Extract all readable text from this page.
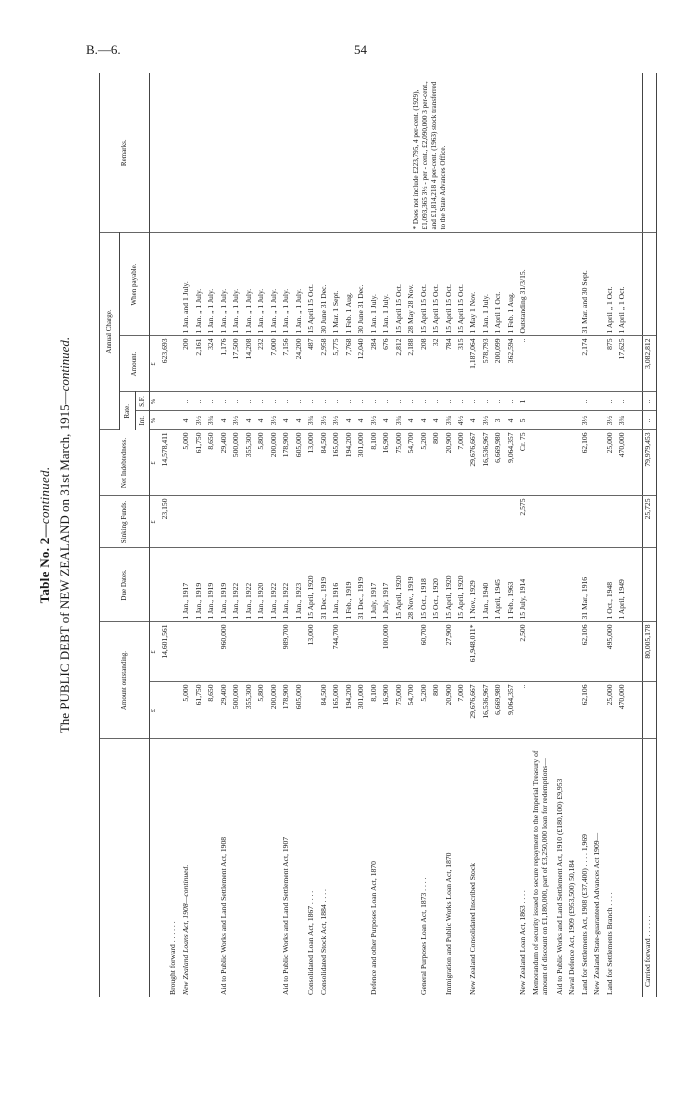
B.—6.	54
Table No. 2—continued. The PUBLIC DEBT of NEW ZEALAND on 31st March, 1915—continued.
	Amount outstanding.		Due Dates.	Sinking Funds.	Net Indebtedness.	Annual Charge.				Remarks.
						Rate.		Amount.	When payable.	
						Int.	S.F.			
	£	£		£	£	%	%	£		
Brought forward . . . . . .		14,601,561		23,150	14,578,411			623,693		* Does not include £223,795, 4 per-cent. (1929), £1,093,365 3½ - per - cent., £2,090,000 3 per-cent., and £1,814,218 4 per-cent. (1963) stock transferred to the State Advances Office.

New Zealand Loans Act, 1908—continued.	5,000		1 Jan., 1917		5,000	4	..	200	1 Jan. and 1 July.	
	61,750		1 Jan., 1919		61,750	3½	..	2,161	1 Jan. „ 1 July.	
	8,650		1 Jan., 1919		8,650	3¾	..	324	1 Jan. „ 1 July.	
Aid to Public Works and Land Settlement Act, 1908	29,400	960,000	1 Jan., 1919		29,400	4	..	1,176	1 Jan. „ 1 July.	
	500,000		1 Jan., 1922		500,000	3½	..	17,500	1 Jan. „ 1 July.	
	355,300		1 Jan., 1922		355,300	4	..	14,208	1 Jan. „ 1 July.	
	5,800		1 Jan., 1920		5,800	4	..	232	1 Jan. „ 1 July.	
	200,000		1 Jan., 1922		200,000	3½	..	7,000	1 Jan. „ 1 July.	
Aid to Public Works and Land Settlement Act, 1907	178,900	989,700	1 Jan., 1922		178,900	4	..	7,156	1 Jan. „ 1 July.	
	605,000		1 Jan., 1923		605,000	4	..	24,200	1 Jan. „ 1 July.	
Consolidated Loan Act, 1867 . . . .		13,000	15 April, 1920		13,000	3¾	..	487	15 April 15 Oct.	
Consolidated Stock Act, 1884 . . . .	84,500		31 Dec., 1919		84,500	3½	..	2,958	30 June 31 Dec.	
	165,000	744,700	1 Jan., 1916		165,000	3½	..	5,775	1 Mar. 1 Sept.	
	194,200		1 Feb., 1919		194,200	4	..	7,768	1 Feb. 1 Aug.	
	301,000		31 Dec., 1919		301,000	4	..	12,040	30 June 31 Dec.	
Defence and other Purposes Loan Act, 1870	8,100		1 July, 1917		8,100	3½	..	284	1 Jan. 1 July.	
	16,900	100,000	1 July, 1917		16,900	4	..	676	1 Jan. 1 July.	
	75,000		15 April, 1920		75,000	3¾	..	2,812	15 April 15 Oct.	
	54,700		28 Nov., 1919		54,700	4	..	2,188	28 May 28 Nov.	
General Purposes Loan Act, 1873 . . . .	5,200	60,700	15 Oct., 1918		5,200	4	..	208	15 April 15 Oct.	
	800		15 Oct., 1920		800	4	..	32	15 April 15 Oct.	
Immigration and Public Works Loan Act, 1870	20,900	27,900	15 April, 1920		20,900	3¾	..	784	15 April 15 Oct.	
	7,000		15 April, 1920		7,000	4½	..	315	15 April 15 Oct.	
New Zealand Consolidated Inscribed Stock	29,676,667	61,948,011*	1 Nov., 1929		29,676,667	4	..	1,187,064	1 May 1 Nov.	
	16,536,967		1 Jan., 1940		16,536,967	3½	..	578,793	1 Jan. 1 July.	
	6,669,980		1 April, 1945		6,669,980	3	..	200,099	1 April 1 Oct.	
	9,064,357		1 Feb., 1963		9,064,357	4	..	362,594	1 Feb. 1 Aug.	
New Zealand Loan Act, 1863 . . . .	..	2,500	15 July, 1914	2,575	Cr. 75	5	1	..	Outstanding 31/3/15.	
Memorandum of security issued to secure repayment to the Imperial Treasury of amount of discount on £1,180,000, part of £3,250,000 loan for redemptions—										
Aid to Public Works and Land Settlement Act, 1910 (£180,100) £9,953										
Naval Defence Act, 1909 (£953,500) 50,184										
Land for Settlements Act, 1908 (£37,400) . . . . 1,969	62,106	62,106	31 Mar., 1916		62,106	3½	..	2,174	31 Mar. and 30 Sept.	
New Zealand State-guaranteed Advances Act 1909—										
Land for Settlements Branch . . . .	25,000	495,000	1 Oct., 1948		25,000	3½	..	875	1 April „ 1 Oct.	
	470,000		1 April, 1949		470,000	3¾	..	17,625	1 April „ 1 Oct.	

Carried forward . . . . . .		80,005,178		25,725	79,979,453	..	..	3,082,812		
